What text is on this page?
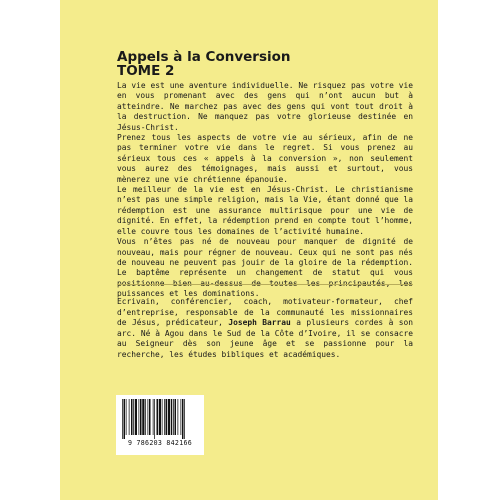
Appels à la Conversion
TOME 2

La vie est une aventure individuelle. Ne risquez pas votre vie en vous promenant avec des gens qui n’ont aucun but à atteindre. Ne marchez pas avec des gens qui vont tout droit à la destruction. Ne manquez pas votre glorieuse destinée en Jésus-Christ.

Prenez tous les aspects de votre vie au sérieux, afin de ne pas terminer votre vie dans le regret. Si vous prenez au sérieux tous ces « appels à la conversion », non seulement vous aurez des témoignages, mais aussi et surtout, vous mènerez une vie chrétienne épanouie.

Le meilleur de la vie est en Jésus-Christ. Le christianisme n’est pas une simple religion, mais la Vie, étant donné que la rédemption est une assurance multirisque pour une vie de dignité. En effet, la rédemption prend en compte tout l’homme, elle couvre tous les domaines de l’activité humaine.

Vous n’êtes pas né de nouveau pour manquer de dignité de nouveau, mais pour régner de nouveau. Ceux qui ne sont pas nés de nouveau ne peuvent pas jouir de la gloire de la rédemption. Le baptême représente un changement de statut qui vous puissances et les dominations.

Ecrivain, conférencier, coach, motivateur-formateur, chef d’entreprise, responsable de la communauté les missionnaires de Jésus, prédicateur, Joseph Barrau a plusieurs cordes à son arc. Né à Agou dans le Sud de la Côte d’Ivoire, il se consacre au Seigneur dès son jeune âge et se passionne pour la recherche, les études bibliques et académiques.

9 786203 842166
